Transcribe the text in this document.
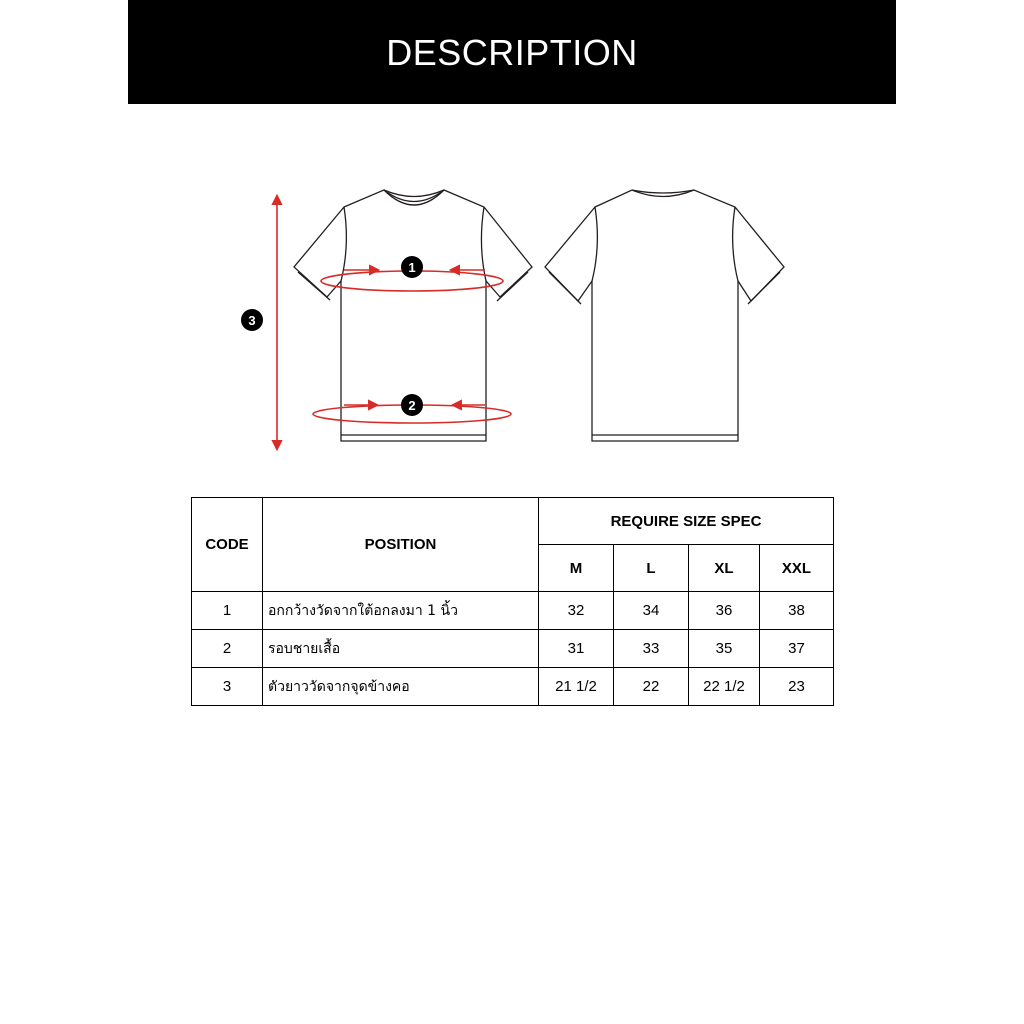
DESCRIPTION
3
1
2
CODE	POSITION	REQUIRE SIZE SPEC			
		M	L	XL	XXL
1	อกกว้างวัดจากใต้อกลงมา 1 นิ้ว	32	34	36	38
2	รอบชายเสื้อ	31	33	35	37
3	ตัวยาววัดจากจุดข้างคอ	21 1/2	22	22 1/2	23
